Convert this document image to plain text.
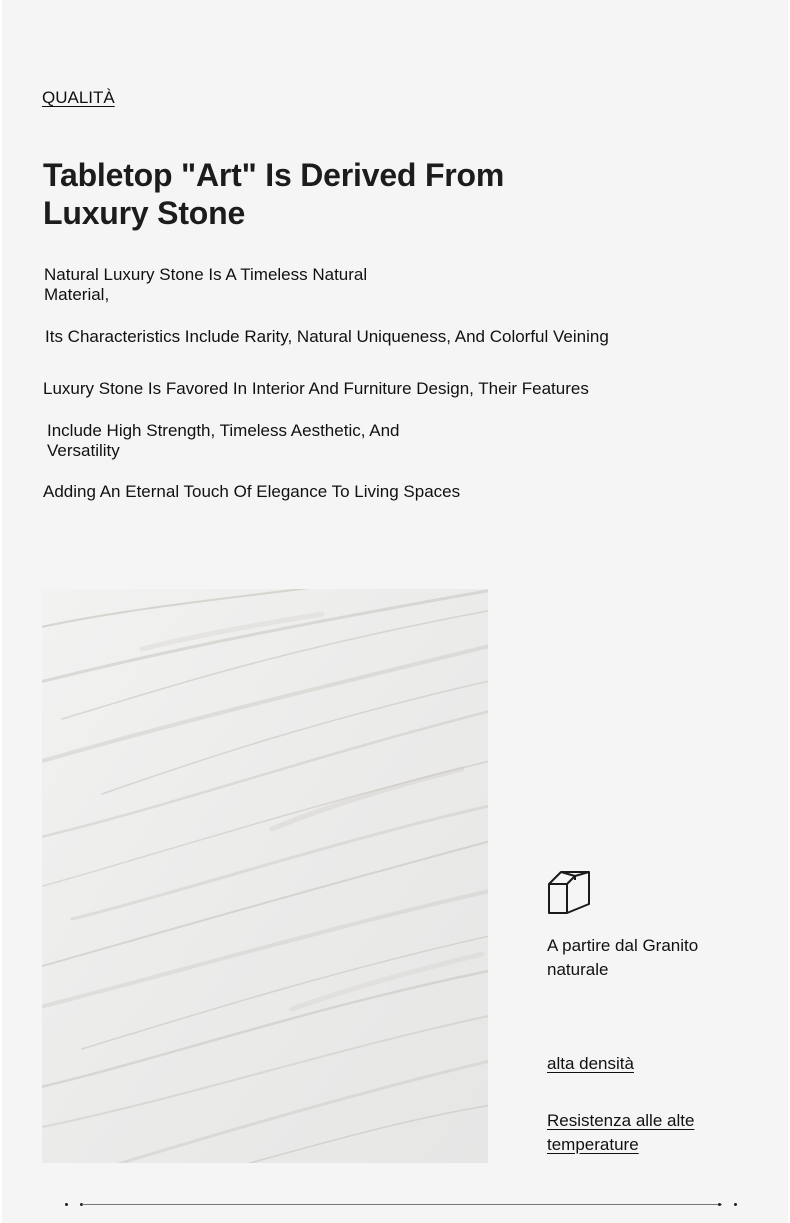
QUALITÀ
Tabletop "Art" Is Derived From Luxury Stone

Natural Luxury Stone Is A Timeless Natural Material,

Its Characteristics Include Rarity, Natural Uniqueness, And Colorful Veining

Luxury Stone Is Favored In Interior And Furniture Design, Their Features

Include High Strength, Timeless Aesthetic, And Versatility

Adding An Eternal Touch Of Elegance To Living Spaces

A partire dal Granito naturale
alta densità
Resistenza alle alte temperature
